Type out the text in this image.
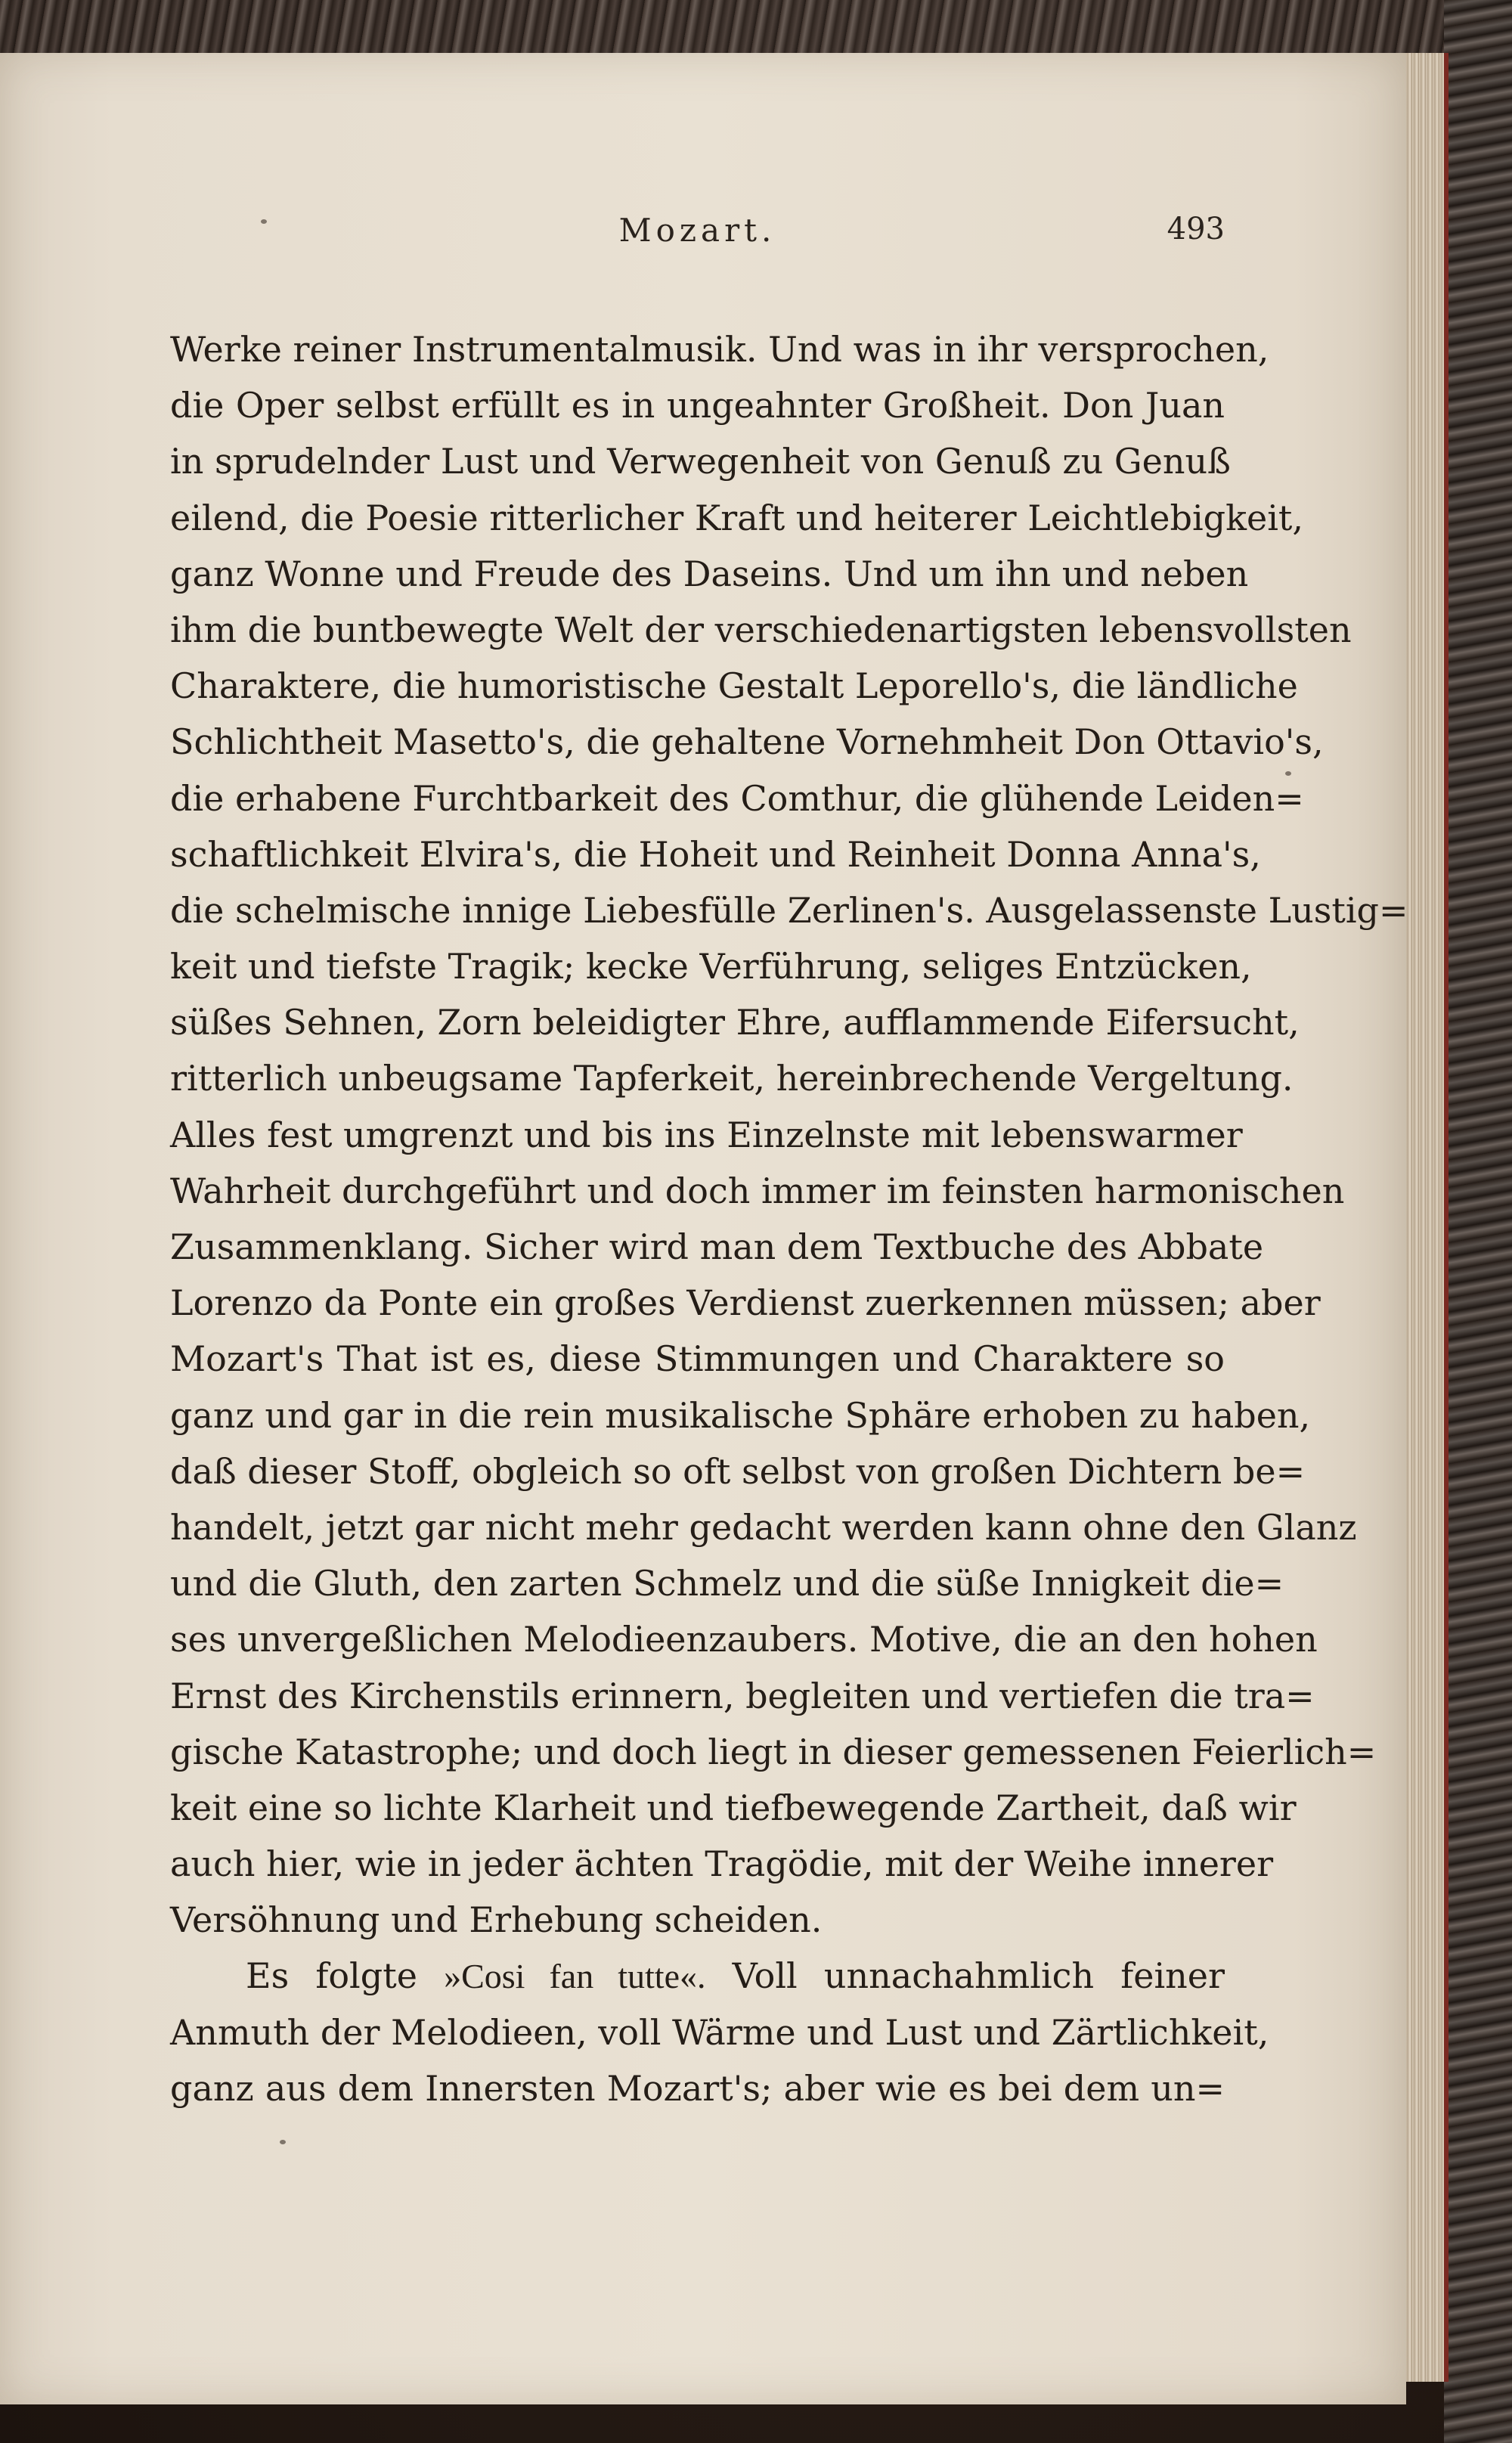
Mozart.	493
Werke reiner Instrumentalmusik. Und was in ihr versprochen,
die Oper selbst erfüllt es in ungeahnter Großheit. Don Juan
in sprudelnder Lust und Verwegenheit von Genuß zu Genuß
eilend, die Poesie ritterlicher Kraft und heiterer Leichtlebigkeit,
ganz Wonne und Freude des Daseins. Und um ihn und neben
ihm die buntbewegte Welt der verschiedenartigsten lebensvollsten
Charaktere, die humoristische Gestalt Leporello's, die ländliche
Schlichtheit Masetto's, die gehaltene Vornehmheit Don Ottavio's,
die erhabene Furchtbarkeit des Comthur, die glühende Leiden=
schaftlichkeit Elvira's, die Hoheit und Reinheit Donna Anna's,
die schelmische innige Liebesfülle Zerlinen's. Ausgelassenste Lustig=
keit und tiefste Tragik; kecke Verführung, seliges Entzücken,
süßes Sehnen, Zorn beleidigter Ehre, aufflammende Eifersucht,
ritterlich unbeugsame Tapferkeit, hereinbrechende Vergeltung.
Alles fest umgrenzt und bis ins Einzelnste mit lebenswarmer
Wahrheit durchgeführt und doch immer im feinsten harmonischen
Zusammenklang. Sicher wird man dem Textbuche des Abbate
Lorenzo da Ponte ein großes Verdienst zuerkennen müssen; aber
Mozart's That ist es, diese Stimmungen und Charaktere so
ganz und gar in die rein musikalische Sphäre erhoben zu haben,
daß dieser Stoff, obgleich so oft selbst von großen Dichtern be=
handelt, jetzt gar nicht mehr gedacht werden kann ohne den Glanz
und die Gluth, den zarten Schmelz und die süße Innigkeit die=
ses unvergeßlichen Melodieenzaubers. Motive, die an den hohen
Ernst des Kirchenstils erinnern, begleiten und vertiefen die tra=
gische Katastrophe; und doch liegt in dieser gemessenen Feierlich=
keit eine so lichte Klarheit und tiefbewegende Zartheit, daß wir
auch hier, wie in jeder ächten Tragödie, mit der Weihe innerer
Versöhnung und Erhebung scheiden.
Es folgte »Cosi fan tutte«. Voll unnachahmlich feiner
Anmuth der Melodieen, voll Wärme und Lust und Zärtlichkeit,
ganz aus dem Innersten Mozart's; aber wie es bei dem un=
